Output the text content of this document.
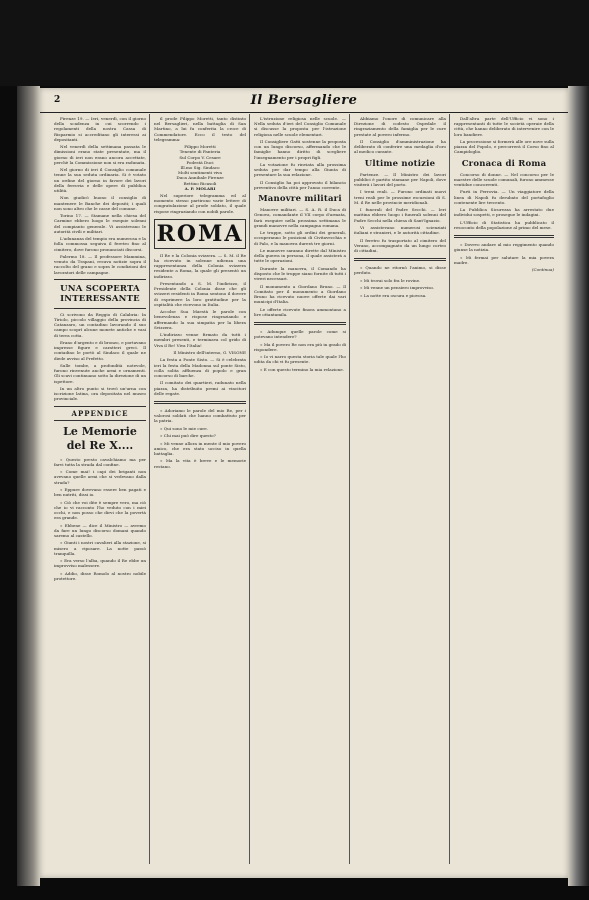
2	Il Bersagliere

Firenze 19. — Ieri, venerdì, con il giorno della scadenza in cui scorrendo i regolamenti della nostra Cassa di Risparmio si accreditano gli interessi ai depositanti.

Nel venerdì della settimana passata le dimissioni erano state presentate, ma il giorno di ieri non erano ancora accettate, perchè la Commissione non si era radunata.

Nel giorno di ieri il Consiglio comunale tenne la sua seduta ordinaria. Si è votato un ordine del giorno in favore dei lavori della ferrovia e delle opere di pubblica utilità.

Non giudicò buono il consiglio di mantenere le Banche dei depositi; i quali non sono altro che le casse del comune.

Torino 17. — Stamane nella chiesa del Carmine ebbero luogo le esequie solenni del compianto generale. Vi assistevano le autorità civili e militari.

L'adunanza del tempio era numerosa e la folla commossa seguiva il feretro fino al cimitero, dove furono pronunciati discorsi.

Palermo 18. — Il professore Mammina, venuto da Trapani, recava notizie sopra il raccolto del grano e sopra le condizioni dei lavoratori delle campagne.

UNA SCOPERTA INTERESSANTE

Ci scrivono da Reggio di Calabria: In Tiriolo, piccolo villaggio della provincia di Catanzaro, un contadino lavorando il suo campo scoprì alcune monete antiche e vasi di terra cotta.

Erano d'argento e di bronzo, e portavano impresse figure e caratteri greci. Il contadino le portò al Sindaco il quale ne diede avviso al Prefetto.

Sulle tombe, a profondità notevole, furono rinvenute anche armi e ornamenti. Gli scavi continuano sotto la direzione di un ispettore.

In un altro punto si trovò un'urna con iscrizione latina, ora depositata nel museo provinciale.

APPENDICE
Le Memorie del Re X....

« Questo presto cavalchiamo ma per farvi tutta la strada dal confine.

« Come mai! i capi dei briganti non avevano quelle armi che si vedevano dalla strada?

« Eppure dovevano essere ben pagati e ben nutriti, dissi io.

« Ciò che voi dite è sempre vero, ma ciò che io vi racconto l'ho veduto con i miei occhi, e non posso che dirvi che la povertà era grande.

« Ebbene — dice il Ministro — avremo da fare un lungo discorso domani quando saremo al castello.

« Giunti i nostri cavalieri alla stazione, si misero a riposare. La notte passò tranquilla.

« Era verso l'alba, quando il Re ebbe un improvviso malessere.

« Addio, disse Romolo al nostro nobile protettore.

il prode Filippo Moretti, tanto distinto nel Bersaglieri, nella battaglia di San Martino, a lui fu conferita la croce di Commendatore. Ecco il testo del telegramma:

Filippo Moretti
Tenente di Fanteria
Sul Corpo V. Cesare
Podestà Duci
Ill.mo Sig. Sindaco
Molti sentimenti viva
Duca Annibale Firenze
Bettino Ricasoli
A. P. MOLARI

Nel superiore telegramma ed al momento stesso partirono varie lettere di congratulazione al prode soldato, il quale rispose ringraziando con nobili parole.

ROMA

Il Re e la Colonia svizzera. — S. M. il Re ha ricevuto in solenne udienza una rappresentanza della Colonia svizzera residente a Roma, la quale gli presentò un indirizzo.

Presentando a S. M. l'indirizzo, il Presidente della Colonia disse che gli svizzeri residenti in Roma sentono il dovere di esprimere la loro gratitudine per la ospitalità che ricevono in Italia.

Accolse Sua Maestà le parole con benevolenza e rispose ringraziando e affermando la sua simpatia per la libera Svizzera.

L'indirizzo venne firmato da tutti i membri presenti, e terminava col grido di Viva il Re! Viva l'Italia!

Il Ministro dell'interno, G. VISONE

La festa a Ponte Sisto. — Si è celebrata ieri la festa della Madonna sul ponte Sisto, colla solita affluenza di popolo e gran concorso di barche.

Il comitato dei quartieri, radunato nella piazza, ha distribuito premi ai vincitori delle regate.

« Adoriamo le parole del mio Re, per i valorosi soldati che hanno combattuto per la patria.

« Qui sono le mie cure.

« Chi mai può dire questo?

« Mi venne allora in mente il mio povero amico, che era stato ucciso in quella battaglia.

« Ma la vita è breve e le memorie restano.

L'istruzione religiosa nelle scuole. — Nella seduta d'ieri del Consiglio Comunale si discusse la proposta per l'istruzione religiosa nelle scuole elementari.

Il Consigliere Gatti sostenne la proposta con un lungo discorso, affermando che le famiglie hanno diritto di scegliere l'insegnamento per i propri figli.

La votazione fu rinviata alla prossima seduta per dar tempo alla Giunta di presentare la sua relazione.

Il Consiglio ha poi approvato il bilancio preventivo della città per l'anno corrente.

Manovre militari

Manovre militari. — S. A. R. il Duca di Genova, comandante il VII corpo d'armata, farà eseguire nella prossima settimana le grandi manovre nella campagna romana.

Le truppe, sotto gli ordini dei generali, occuperanno le posizioni di Civitavecchia e di Palo, e la manovra durerà tre giorni.

Le manovre saranno dirette dal Ministro della guerra in persona, il quale assisterà a tutte le operazioni.

Durante la manovra, il Comando ha disposto che le truppe siano fornite di tutti i viveri necessari.

Il monumento a Giordano Bruno. — Il Comitato per il monumento a Giordano Bruno ha ricevuto nuove offerte dai vari municipi d'Italia.

Le offerte ricevute finora ammontano a lire ottantamila.

« Adunque quelle parole come si potevano intendere?

« Ma il povero Re non era più in grado di rispondere.

« Io vi narro questa storia tale quale l'ho udita da chi vi fu presente.

« E con questo termino la mia relazione.

Abbiamo l'onore di comunicare alla Direzione di codesto Ospedale il ringraziamento della famiglia per le cure prestate al povero infermo.

Il Consiglio d'amministrazione ha deliberato di conferire una medaglia d'oro al medico curante.

Ultime notizie

Partenze. — Il Ministro dei lavori pubblici è partito stamane per Napoli, dove visiterà i lavori del porto.

I treni reali. — Furono ordinati nuovi treni reali per le prossime escursioni di S. M. il Re nelle provincie meridionali.

I funerali del Padre Secchi. — Ieri mattina ebbero luogo i funerali solenni del Padre Secchi nella chiesa di Sant'Ignazio.

Vi assistevano numerosi scienziati italiani e stranieri, e le autorità cittadine.

Il feretro fu trasportato al cimitero del Verano, accompagnato da un lungo corteo di cittadini.

« Quando ne ritornò l'animo, si disse perduto.

« Mi trovai solo fra le rovine.

« Mi venne un pensiero improvviso.

« La notte era oscura e piovosa.

Dall'altra parte dell'Ufficio vi sono i rappresentanti di tutte le società operaie della città, che hanno deliberato di intervenire con le loro bandiere.

La processione si formerà alle ore nove sulla piazza del Popolo, e percorrerà il Corso fino al Campidoglio.

Cronaca di Roma

Concorso di donne. — Nel concorso per le maestre delle scuole comunali, furono ammesse ventidue concorrenti.

Furti in Ferrovia. — Un viaggiatore della linea di Napoli fu derubato del portafoglio contenente lire trecento.

La Pubblica Sicurezza ha arrestato due individui sospetti, e prosegue le indagini.

L'Ufficio di Statistica ha pubblicato il resoconto della popolazione al primo del mese.

« Dovevo andare al mio reggimento quando giunse la notizia.

« Mi fermai per salutare la mia povera madre.

(Continua)
